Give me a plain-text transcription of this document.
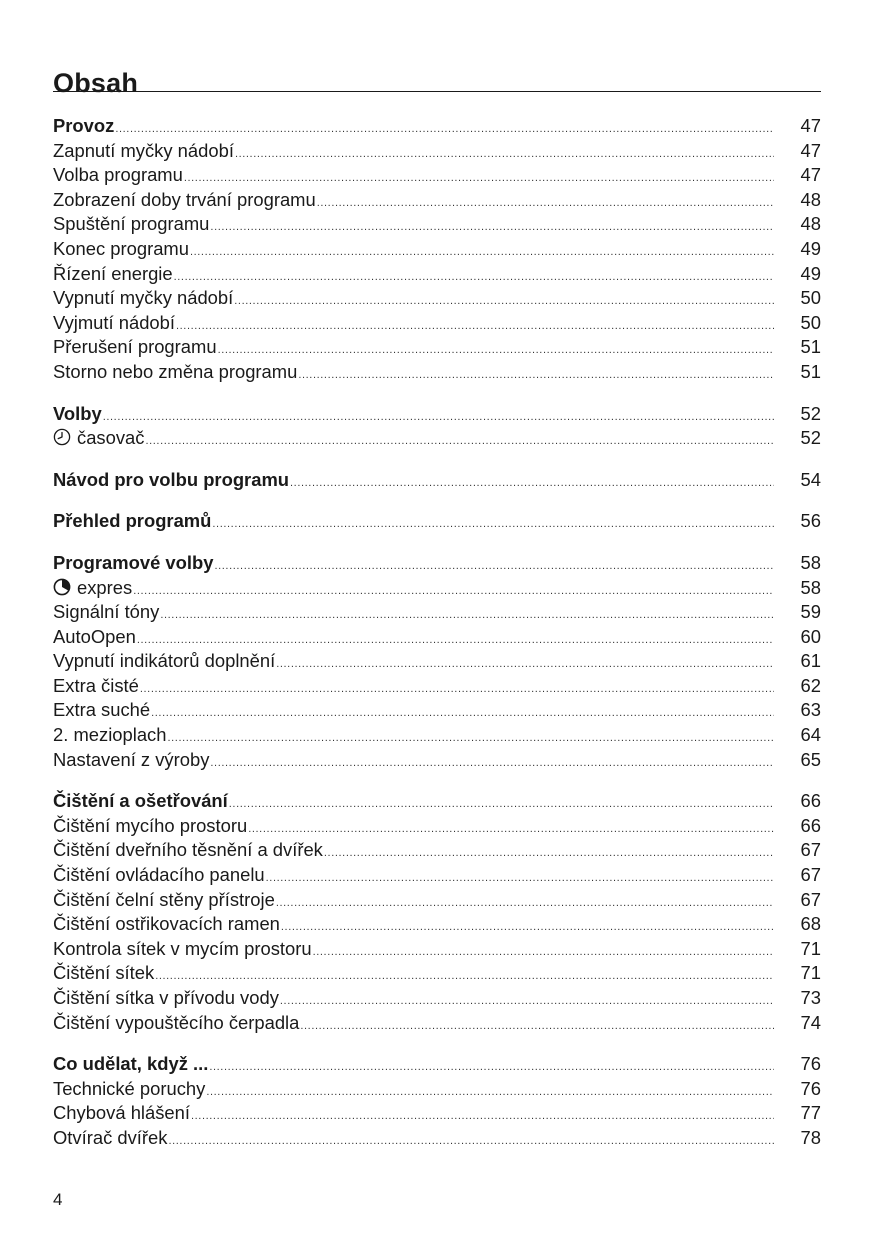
Obsah
Provoz .....	47
Zapnutí myčky nádobí .....	47
Volba programu .....	47
Zobrazení doby trvání programu .....	48
Spuštění programu .....	48
Konec programu .....	49
Řízení energie .....	49
Vypnutí myčky nádobí .....	50
Vyjmutí nádobí .....	50
Přerušení programu .....	51
Storno nebo změna programu .....	51
Volby .....	52
časovač .....	52
Návod pro volbu programu .....	54
Přehled programů .....	56
Programové volby .....	58
expres .....	58
Signální tóny .....	59
AutoOpen .....	60
Vypnutí indikátorů doplnění .....	61
Extra čisté .....	62
Extra suché .....	63
2. mezioplach .....	64
Nastavení z výroby .....	65
Čištění a ošetřování .....	66
Čištění mycího prostoru .....	66
Čištění dveřního těsnění a dvířek .....	67
Čištění ovládacího panelu .....	67
Čištění čelní stěny přístroje .....	67
Čištění ostřikovacích ramen .....	68
Kontrola sítek v mycím prostoru .....	71
Čištění sítek .....	71
Čištění sítka v přívodu vody .....	73
Čištění vypouštěcího čerpadla .....	74
Co udělat, když ... .....	76
Technické poruchy .....	76
Chybová hlášení .....	77
Otvírač dvířek .....	78
4
